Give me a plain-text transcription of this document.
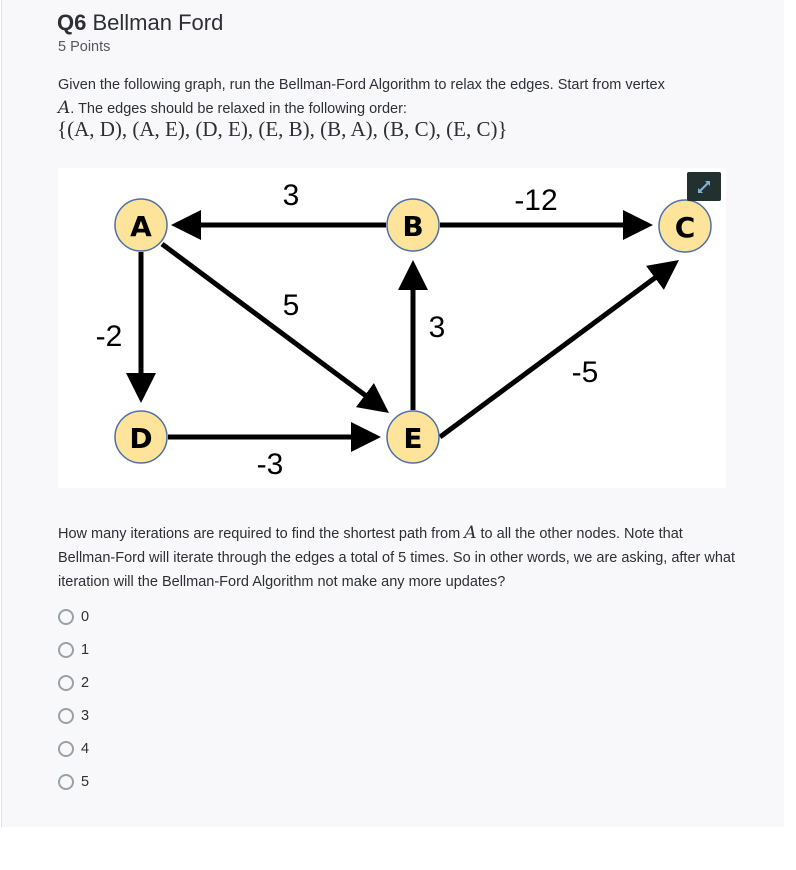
Q6 Bellman Ford
5 Points
Given the following graph, run the Bellman-Ford Algorithm to relax the edges. Start from vertex
A. The edges should be relaxed in the following order:
{(A, D), (A, E), (D, E), (E, B), (B, A), (B, C), (E, C)}
3	-12
5
-2	3
-5
-3
A	B	C
D	E
How many iterations are required to find the shortest path from A to all the other nodes. Note that Bellman-Ford will iterate through the edges a total of 5 times. So in other words, we are asking, after what iteration will the Bellman-Ford Algorithm not make any more updates?
0
1
2
3
4
5
